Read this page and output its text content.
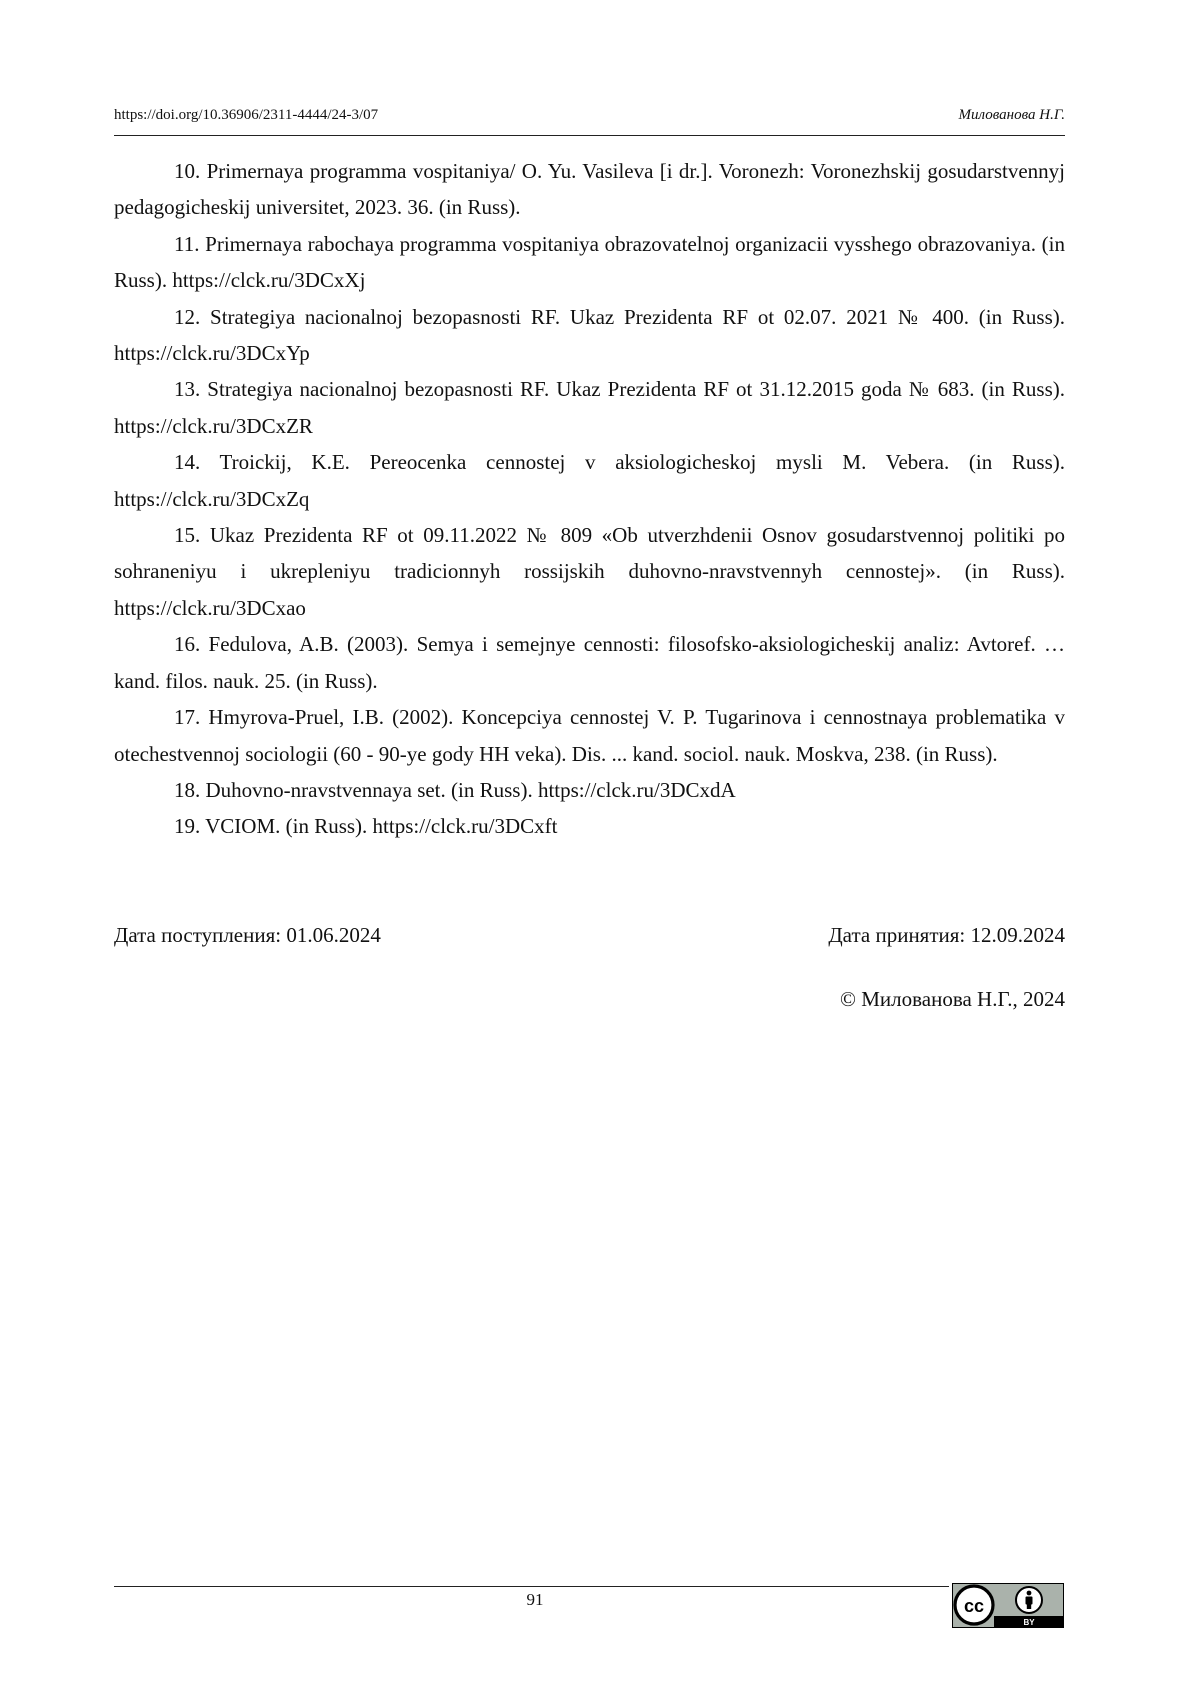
https://doi.org/10.36906/2311-4444/24-3/07	Милованова Н.Г.

10. Primernaya programma vospitaniya/ O. Yu. Vasileva [i dr.]. Voronezh: Voronezhskij gosudarstvennyj pedagogicheskij universitet, 2023. 36. (in Russ).

11. Primernaya rabochaya programma vospitaniya obrazovatelnoj organizacii vysshego obrazovaniya. (in Russ). https://clck.ru/3DCxXj

12. Strategiya nacionalnoj bezopasnosti RF. Ukaz Prezidenta RF ot 02.07. 2021 № 400. (in Russ). https://clck.ru/3DCxYp

13. Strategiya nacionalnoj bezopasnosti RF. Ukaz Prezidenta RF ot 31.12.2015 goda № 683. (in Russ). https://clck.ru/3DCxZR

14. Troickij, K.E. Pereocenka cennostej v aksiologicheskoj mysli M. Vebera. (in Russ). https://clck.ru/3DCxZq

15. Ukaz Prezidenta RF ot 09.11.2022 № 809 «Ob utverzhdenii Osnov gosudarstvennoj politiki po sohraneniyu i ukrepleniyu tradicionnyh rossijskih duhovno-nravstvennyh cennostej». (in Russ). https://clck.ru/3DCxao

16. Fedulova, A.B. (2003). Semya i semejnye cennosti: filosofsko-aksiologicheskij analiz: Avtoref. … kand. filos. nauk. 25. (in Russ).

17. Hmyrova-Pruel, I.B. (2002). Koncepciya cennostej V. P. Tugarinova i cennostnaya problematika v otechestvennoj sociologii (60 - 90-ye gody HH veka). Dis. ... kand. sociol. nauk. Moskva, 238. (in Russ).

18. Duhovno-nravstvennaya set. (in Russ). https://clck.ru/3DCxdA

19. VCIOM. (in Russ). https://clck.ru/3DCxft

Дата поступления: 01.06.2024	Дата принятия: 12.09.2024
© Милованова Н.Г., 2024
91	cc
BY
